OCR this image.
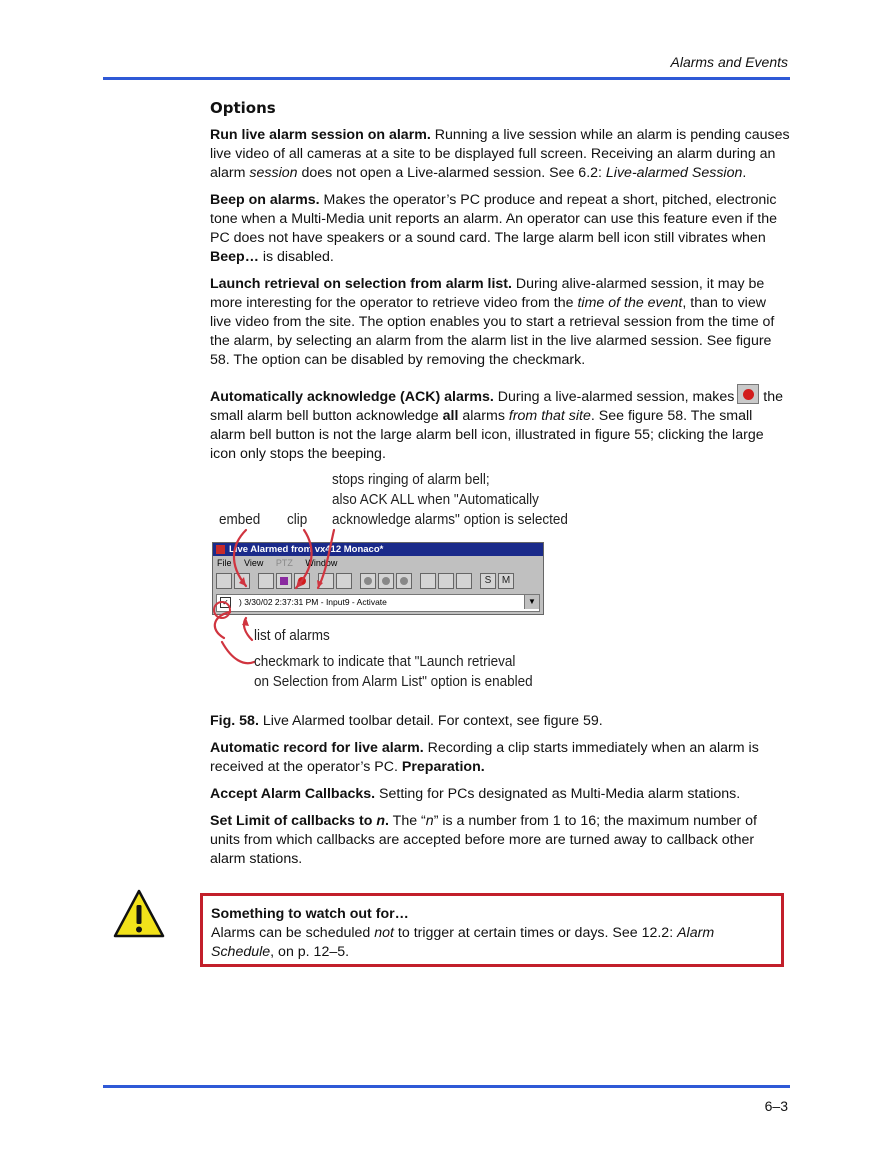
Alarms and Events
Options

Run live alarm session on alarm. Running a live session while an alarm is pending causes live video of all cameras at a site to be displayed full screen. Receiving an alarm during an alarm session does not open a Live-alarmed session. See 6.2: Live-alarmed Session.

Beep on alarms. Makes the operator’s PC produce and repeat a short, pitched, electronic tone when a Multi-Media unit reports an alarm. An operator can use this feature even if the PC does not have speakers or a sound card. The large alarm bell icon still vibrates when Beep… is disabled.

Launch retrieval on selection from alarm list. During alive-alarmed session, it may be more interesting for the operator to retrieve video from the time of the event, than to view live video from the site. The option enables you to start a retrieval session from the time of the alarm, by selecting an alarm from the alarm list in the live alarmed session. See figure 58. The option can be disabled by removing the checkmark.

Automatically acknowledge (ACK) alarms. During a live-alarmed session, makes the small alarm bell button acknowledge all alarms from that site. See figure 58. The small alarm bell button is not the large alarm bell icon, illustrated in figure 55; clicking the large icon only stops the beeping.

stops ringing of alarm bell;
also ACK ALL when "Automatically
acknowledge alarms" option is selected
embed clip
Live Alarmed from vx412 Monaco*
File View PTZ Window
S	M
✓ ) 3/30/02 2:37:31 PM - Input9 - Activate	▼
list of alarms
checkmark to indicate that "Launch retrieval
on Selection from Alarm List" option is enabled

Fig. 58. Live Alarmed toolbar detail. For context, see figure 59.

Automatic record for live alarm. Recording a clip starts immediately when an alarm is received at the operator’s PC. Preparation.

Accept Alarm Callbacks. Setting for PCs designated as Multi-Media alarm stations.

Set Limit of callbacks to n. The “n” is a number from 1 to 16; the maximum number of units from which callbacks are accepted before more are turned away to callback other alarm stations.

Something to watch out for…
Alarms can be scheduled not to trigger at certain times or days. See 12.2: Alarm Schedule, on p. 12–5.
6–3
